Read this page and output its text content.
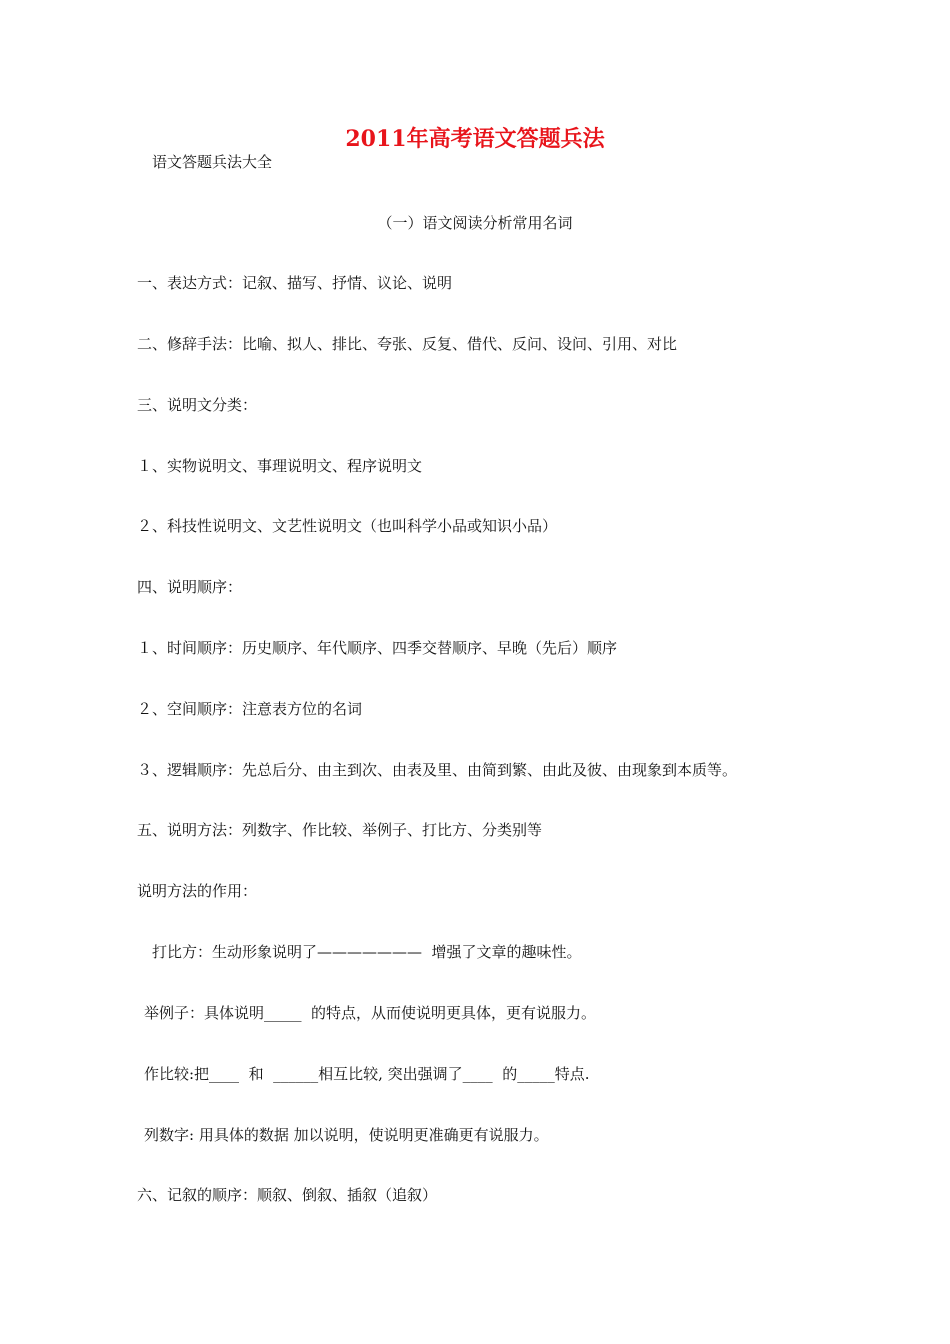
2011年高考语文答题兵法
语文答题兵法大全
（一）语文阅读分析常用名词
一、表达方式：记叙、描写、抒情、议论、说明
二、修辞手法：比喻、拟人、排比、夸张、反复、借代、反问、设问、引用、对比
三、说明文分类：
１、实物说明文、事理说明文、程序说明文
２、科技性说明文、文艺性说明文（也叫科学小品或知识小品）
四、说明顺序：
１、时间顺序：历史顺序、年代顺序、四季交替顺序、早晚（先后）顺序
２、空间顺序：注意表方位的名词
３、逻辑顺序：先总后分、由主到次、由表及里、由简到繁、由此及彼、由现象到本质等。
五、说明方法：列数字、作比较、举例子、打比方、分类别等
说明方法的作用：
打比方：生动形象说明了———————  增强了文章的趣味性。
举例子：具体说明_____  的特点，从而使说明更具体，更有说服力。
作比较:把____  和  ______相互比较, 突出强调了____  的_____特点.
列数字: 用具体的数据 加以说明，使说明更准确更有说服力。
六、记叙的顺序：顺叙、倒叙、插叙（追叙）
